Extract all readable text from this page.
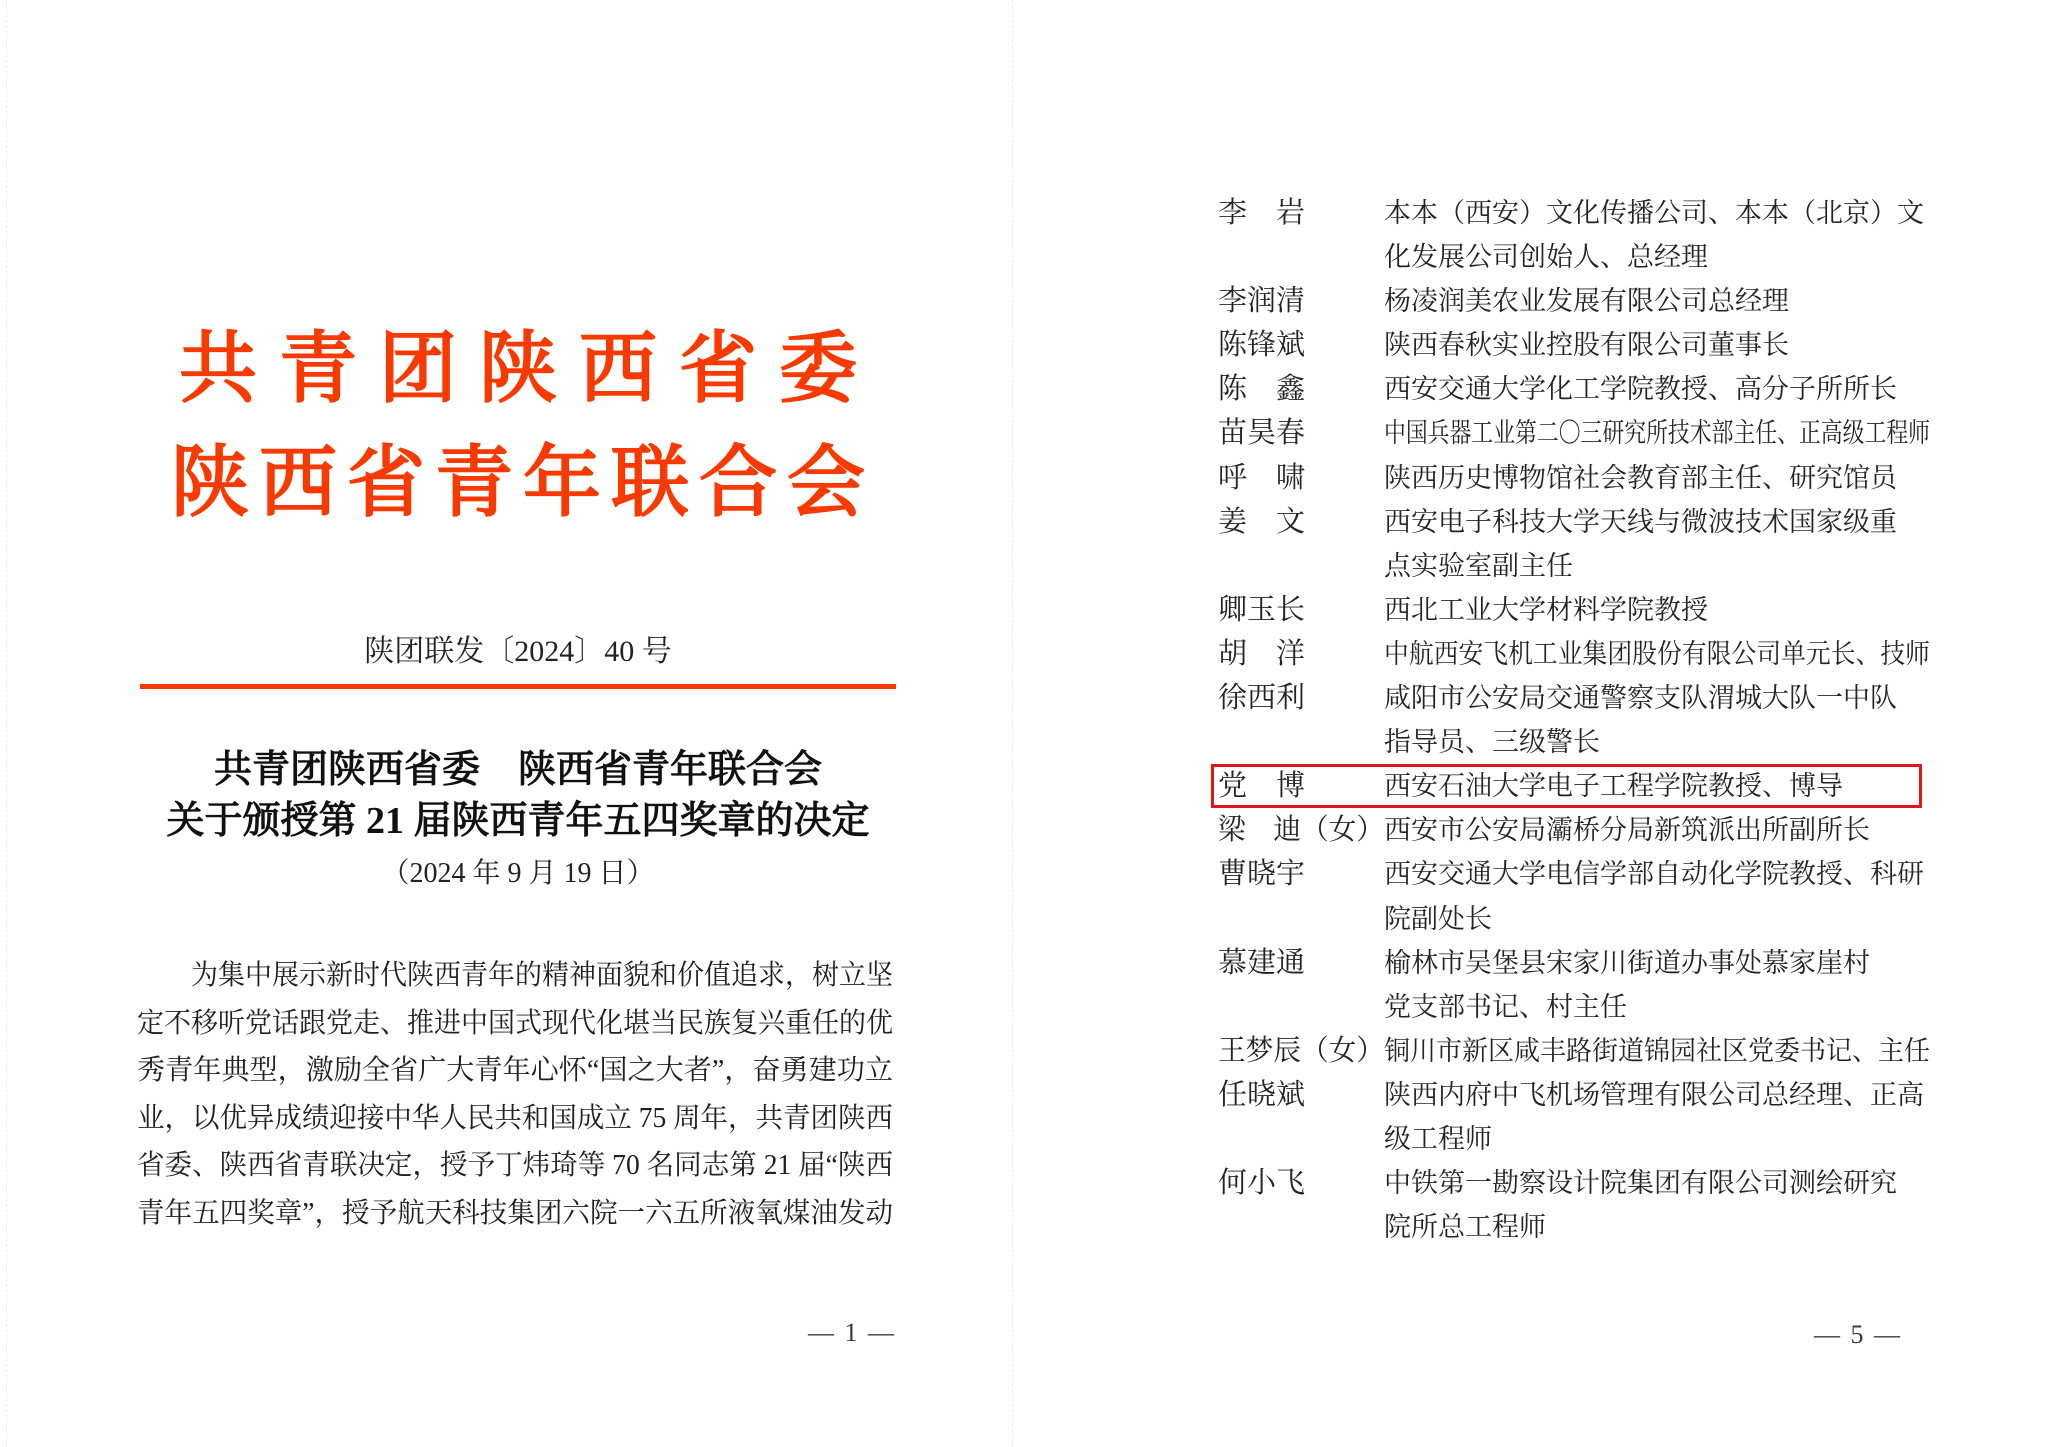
共青团陕西省委
陕西省青年联合会
陕团联发〔2024〕40 号
共青团陕西省委　陕西省青年联合会
关于颁授第 21 届陕西青年五四奖章的决定
（2024 年 9 月 19 日）
　　为集中展示新时代陕西青年的精神面貌和价值追求，树立坚
定不移听党话跟党走、推进中国式现代化堪当民族复兴重任的优
秀青年典型，激励全省广大青年心怀“国之大者”，奋勇建功立
业，以优异成绩迎接中华人民共和国成立 75 周年，共青团陕西
省委、陕西省青联决定，授予丁炜琦等 70 名同志第 21 届“陕西
青年五四奖章”，授予航天科技集团六院一六五所液氧煤油发动
— 1 —
李　岩	本本（西安）文化传播公司、本本（北京）文
化发展公司创始人、总经理
李润清	杨凌润美农业发展有限公司总经理
陈锋斌	陕西春秋实业控股有限公司董事长
陈　鑫	西安交通大学化工学院教授、高分子所所长
苗昊春	中国兵器工业第二〇三研究所技术部主任、正高级工程师
呼　啸	陕西历史博物馆社会教育部主任、研究馆员
姜　文	西安电子科技大学天线与微波技术国家级重
点实验室副主任
卿玉长	西北工业大学材料学院教授
胡　洋	中航西安飞机工业集团股份有限公司单元长、技师
徐西利	咸阳市公安局交通警察支队渭城大队一中队
指导员、三级警长
党　博	西安石油大学电子工程学院教授、博导
梁　迪（女） 西安市公安局灞桥分局新筑派出所副所长
曹晓宇	西安交通大学电信学部自动化学院教授、科研
院副处长
慕建通	榆林市吴堡县宋家川街道办事处慕家崖村
党支部书记、村主任
王梦辰（女） 铜川市新区咸丰路街道锦园社区党委书记、主任
任晓斌	陕西内府中飞机场管理有限公司总经理、正高
级工程师
何小飞	中铁第一勘察设计院集团有限公司测绘研究
院所总工程师
— 5 —
